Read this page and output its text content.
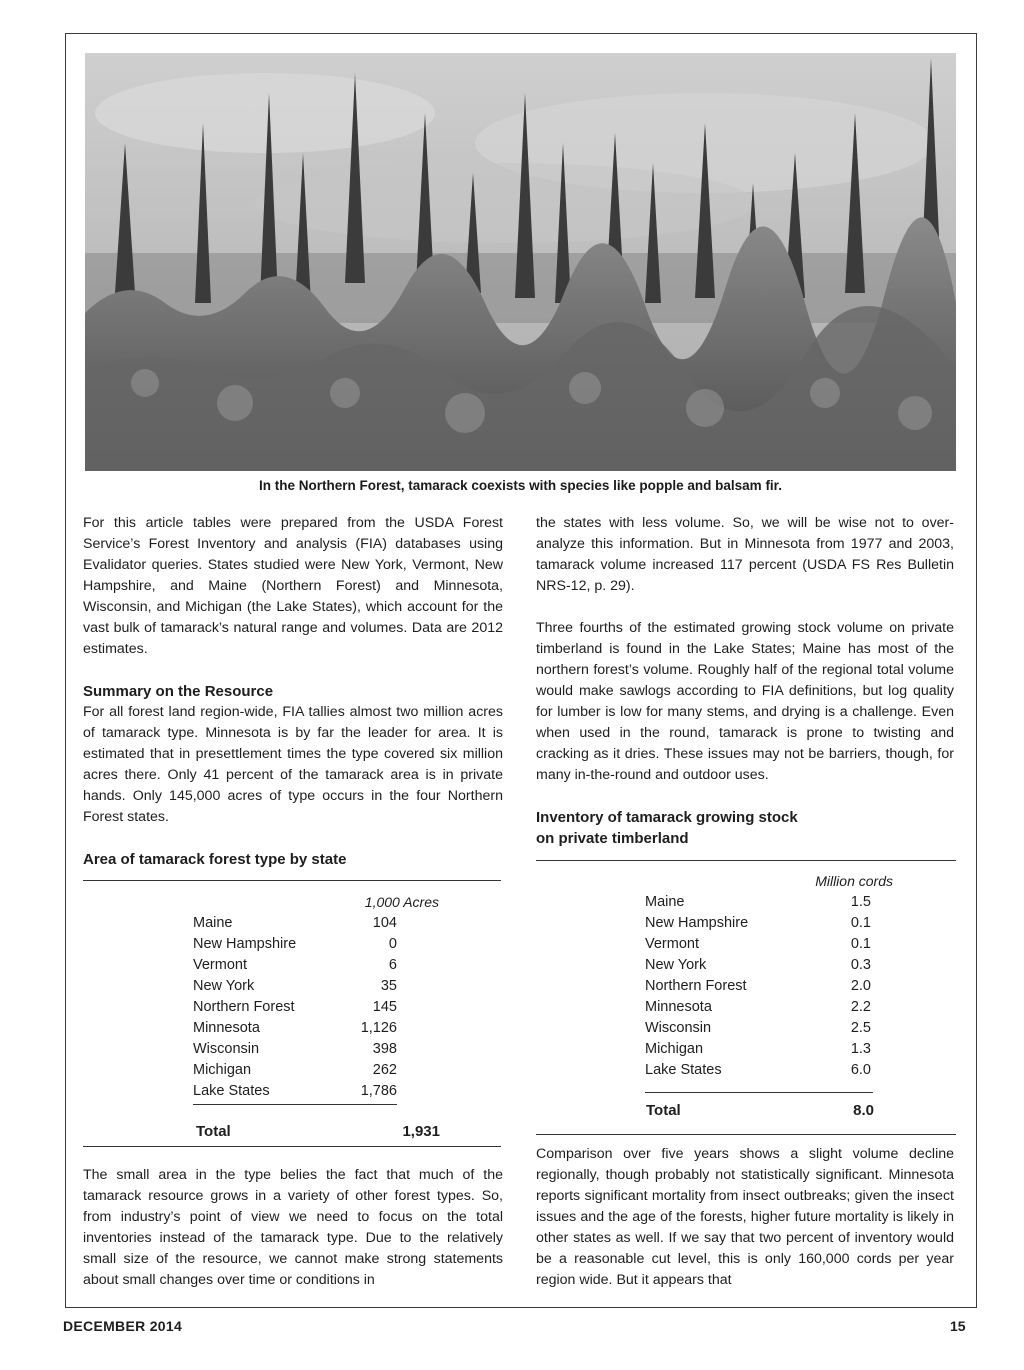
In the Northern Forest, tamarack coexists with species like popple and balsam fir.

For this article tables were prepared from the USDA Forest Service’s Forest Inventory and analysis (FIA) databases using Evalidator queries. States studied were New York, Vermont, New Hampshire, and Maine (Northern Forest) and Minnesota, Wisconsin, and Michigan (the Lake States), which account for the vast bulk of tamarack’s natural range and volumes. Data are 2012 estimates.

Summary on the Resource

For all forest land region-wide, FIA tallies almost two million acres of tamarack type. Minnesota is by far the leader for area. It is estimated that in presettlement times the type covered six million acres there. Only 41 percent of the tamarack area is in private hands. Only 145,000 acres of type occurs in the four Northern Forest states.

Area of tamarack forest type by state

1,000 Acres
Maine	104
New Hampshire	0
Vermont	6
New York	35
Northern Forest	145
Minnesota	1,126
Wisconsin	398
Michigan	262
Lake States	1,786
Total	1,931

The small area in the type belies the fact that much of the tamarack resource grows in a variety of other forest types. So, from industry’s point of view we need to focus on the total inventories instead of the tamarack type. Due to the relatively small size of the resource, we cannot make strong statements about small changes over time or conditions in

the states with less volume. So, we will be wise not to over-analyze this information. But in Minnesota from 1977 and 2003, tamarack volume increased 117 percent (USDA FS Res Bulletin NRS-12, p. 29).

Three fourths of the estimated growing stock volume on private timberland is found in the Lake States; Maine has most of the northern forest’s volume. Roughly half of the regional total volume would make sawlogs according to FIA definitions, but log quality for lumber is low for many stems, and drying is a challenge. Even when used in the round, tamarack is prone to twisting and cracking as it dries. These issues may not be barriers, though, for many in-the-round and outdoor uses.

Inventory of tamarack growing stock

on private timberland

Million cords
Maine	1.5
New Hampshire	0.1
Vermont	0.1
New York	0.3
Northern Forest	2.0
Minnesota	2.2
Wisconsin	2.5
Michigan	1.3
Lake States	6.0
Total	8.0

Comparison over five years shows a slight volume decline regionally, though probably not statistically significant. Minnesota reports significant mortality from insect outbreaks; given the insect issues and the age of the forests, higher future mortality is likely in other states as well. If we say that two percent of inventory would be a reasonable cut level, this is only 160,000 cords per year region wide. But it appears that

DECEMBER 2014	15
